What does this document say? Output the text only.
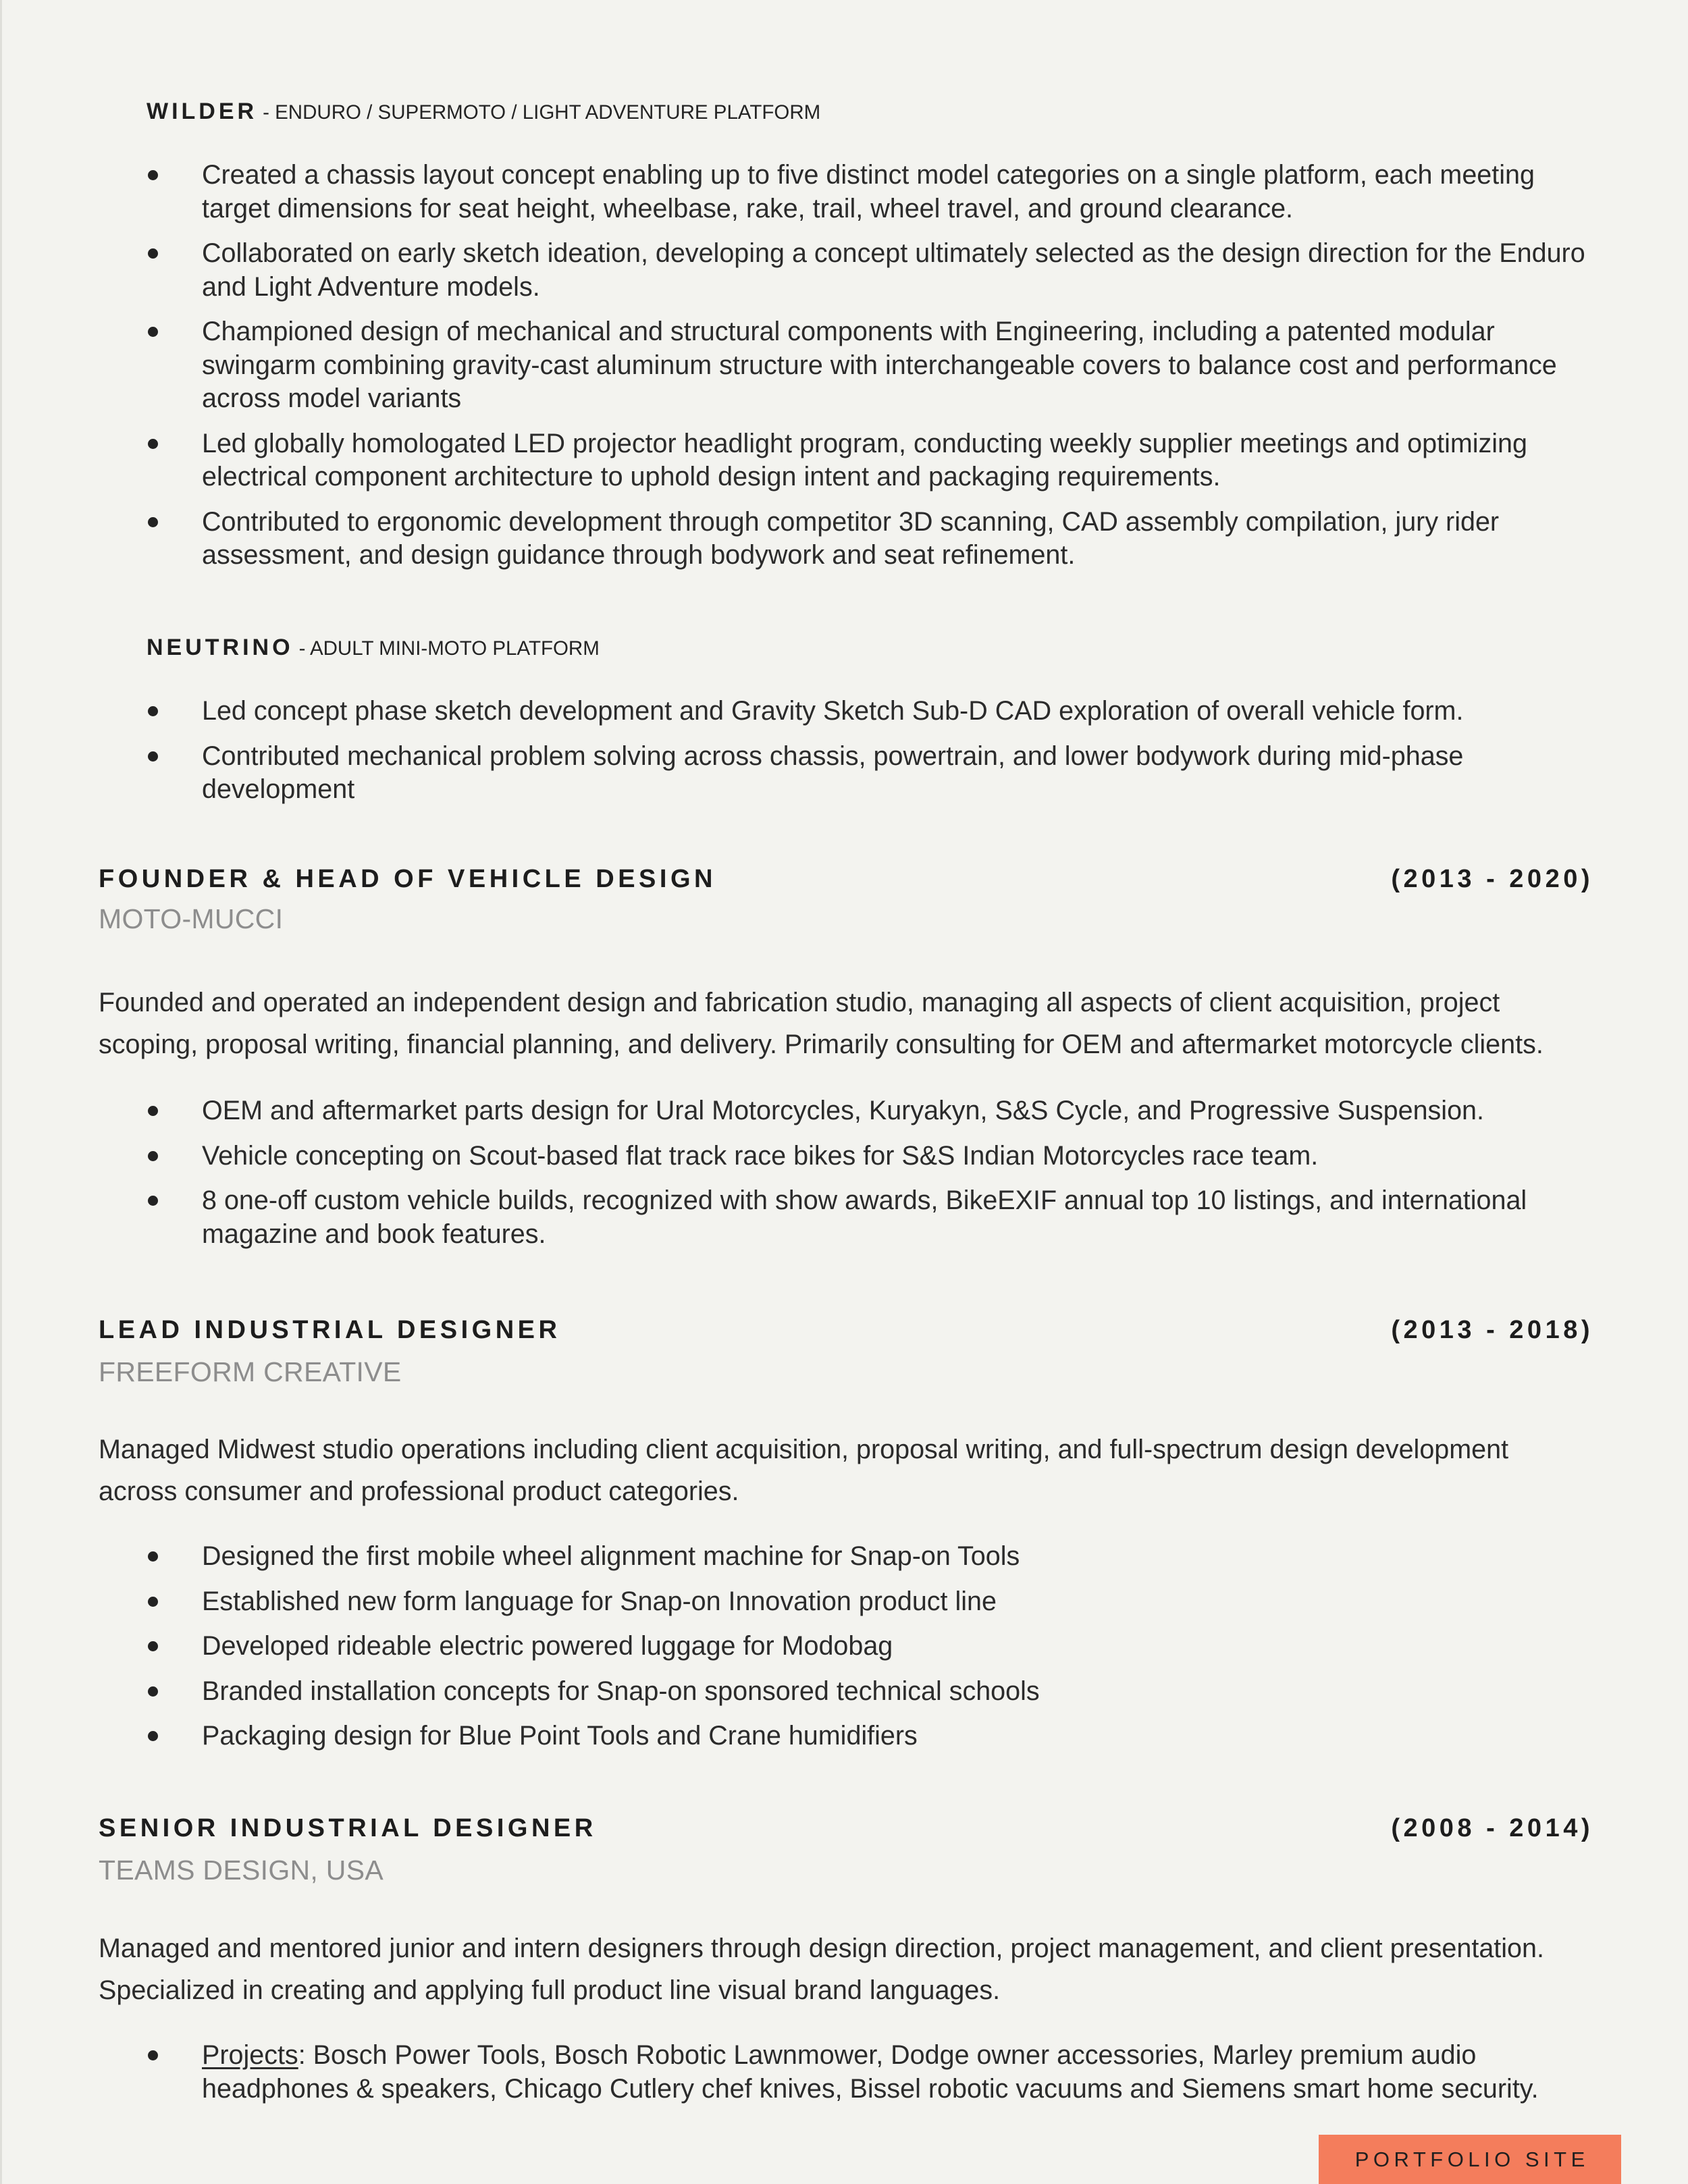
WILDER - ENDURO / SUPERMOTO / LIGHT ADVENTURE PLATFORM
Created a chassis layout concept enabling up to five distinct model categories on a single platform, each meeting
target dimensions for seat height, wheelbase, rake, trail, wheel travel, and ground clearance.
Collaborated on early sketch ideation, developing a concept ultimately selected as the design direction for the Enduro
and Light Adventure models.
Championed design of mechanical and structural components with Engineering, including a patented modular
swingarm combining gravity-cast aluminum structure with interchangeable covers to balance cost and performance
across model variants
Led globally homologated LED projector headlight program, conducting weekly supplier meetings and optimizing
electrical component architecture to uphold design intent and packaging requirements.
Contributed to ergonomic development through competitor 3D scanning, CAD assembly compilation, jury rider
assessment, and design guidance through bodywork and seat refinement.
NEUTRINO - ADULT MINI-MOTO PLATFORM
Led concept phase sketch development and Gravity Sketch Sub-D CAD exploration of overall vehicle form.
Contributed mechanical problem solving across chassis, powertrain, and lower bodywork during mid-phase
development
FOUNDER & HEAD OF VEHICLE DESIGN	(2013 - 2020)
MOTO-MUCCI
Founded and operated an independent design and fabrication studio, managing all aspects of client acquisition, project
scoping, proposal writing, financial planning, and delivery. Primarily consulting for OEM and aftermarket motorcycle clients.
OEM and aftermarket parts design for Ural Motorcycles, Kuryakyn, S&S Cycle, and Progressive Suspension.
Vehicle concepting on Scout-based flat track race bikes for S&S Indian Motorcycles race team.
8 one-off custom vehicle builds, recognized with show awards, BikeEXIF annual top 10 listings, and international
magazine and book features.
LEAD INDUSTRIAL DESIGNER	(2013 - 2018)
FREEFORM CREATIVE
Managed Midwest studio operations including client acquisition, proposal writing, and full-spectrum design development
across consumer and professional product categories.
Designed the first mobile wheel alignment machine for Snap-on Tools
Established new form language for Snap-on Innovation product line
Developed rideable electric powered luggage for Modobag
Branded installation concepts for Snap-on sponsored technical schools
Packaging design for Blue Point Tools and Crane humidifiers
SENIOR INDUSTRIAL DESIGNER	(2008 - 2014)
TEAMS DESIGN, USA
Managed and mentored junior and intern designers through design direction, project management, and client presentation.
Specialized in creating and applying full product line visual brand languages.
Projects: Bosch Power Tools, Bosch Robotic Lawnmower, Dodge owner accessories, Marley premium audio
headphones & speakers, Chicago Cutlery chef knives, Bissel robotic vacuums and Siemens smart home security.
PORTFOLIO SITE
